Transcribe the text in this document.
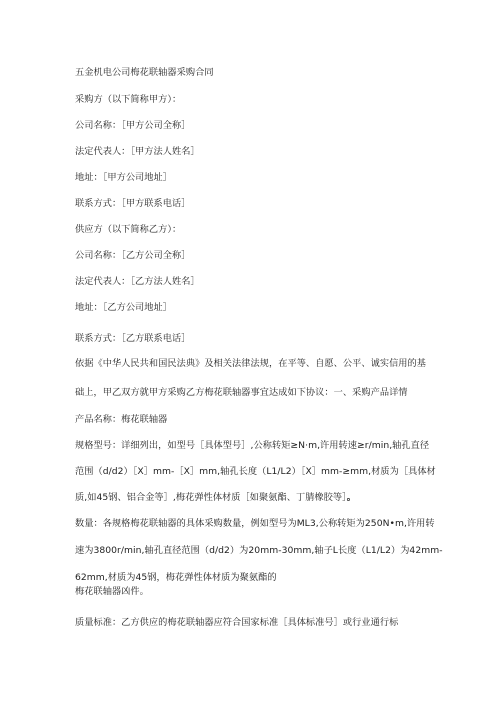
五金机电公司梅花联轴器采购合同

采购方（以下简称甲方）：

公司名称：［甲方公司全称］

法定代表人：［甲方法人姓名］

地址：［甲方公司地址］

联系方式：［甲方联系电话］

供应方（以下简称乙方）：

公司名称：［乙方公司全称］

法定代表人：［乙方法人姓名］

地址：［乙方公司地址］

联系方式：［乙方联系电话］

依据《中华人民共和国民法典》及相关法律法规，在平等、自愿、公平、诚实信用的基

础上，甲乙双方就甲方采购乙方梅花联轴器事宜达成如下协议：一、采购产品详情

产品名称：梅花联轴器

规格型号：详细列出，如型号［具体型号］,公称转矩≥N·m,许用转速≥r/min,轴孔直径

范围（d/d2）［X］mm-［X］mm,轴孔长度（L1/L2）［X］mm-≥mm,材质为［具体材

质,如45钢、铝合金等］,梅花弹性体材质［如聚氨酯、丁腈橡胶等］。

数量：各规格梅花联轴器的具体采购数量，例如型号为ML3,公称转矩为250N•m,许用转

速为3800r/min,轴孔直径范围（d/d2）为20mm-30mm,轴子L长度（L1/L2）为42mm-

62mm,材质为45钢，梅花弹性体材质为聚氨酯的

梅花联轴器凶件。

质量标准：乙方供应的梅花联轴器应符合国家标准［具体标准号］或行业通行标
